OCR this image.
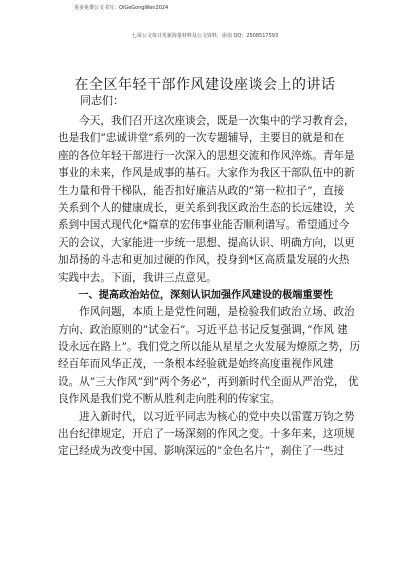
更多免费公文书写：QiGeGongWen2024
七哥公文每日更新海量材料及公文资料，添加 QQ：2508517593
在全区年轻干部作风建设座谈会上的讲话
同志们：
　　今天，我们召开这次座谈会，既是一次集中的学习教育会，
也是我们”忠诚讲堂”系列的一次专题辅导，主要目的就是和在
座的各位年轻干部进行一次深入的思想交流和作风淬炼。青年是
事业的未来，作风是成事的基石。大家作为我区干部队伍中的新
生力量和骨干梯队，能否扣好廉洁从政的”第一粒扣子”，直接
关系到个人的健康成长，更关系到我区政治生态的长远建设，关
系到中国式现代化*篇章的宏伟事业能否顺利谱写。希望通过今
天的会议，大家能进一步统一思想、提高认识、明确方向，以更
加昂扬的斗志和更加过硬的作风，投身到*区高质量发展的火热
实践中去。下面，我讲三点意见。
　　一、提高政治站位，深刻认识加强作风建设的极端重要性
　　作风问题，本质上是党性问题，是检验我们政治立场、政治
方向、政治原则的”试金石”。习近平总书记反复强调，”作风 建
设永远在路上”。我们党之所以能从星星之火发展为燎原之势，历
经百年而风华正茂，一条根本经验就是始终高度重视作风建
设。从”三大作风”到”两个务必”，再到新时代全面从严治党， 优
良作风是我们党不断从胜利走向胜利的传家宝。
　　进入新时代，以习近平同志为核心的党中央以雷霆万钧之势
出台纪律规定，开启了一场深刻的作风之变。十多年来，这项规
定已经成为改变中国、影响深远的”金色名片”，刹住了一些过
